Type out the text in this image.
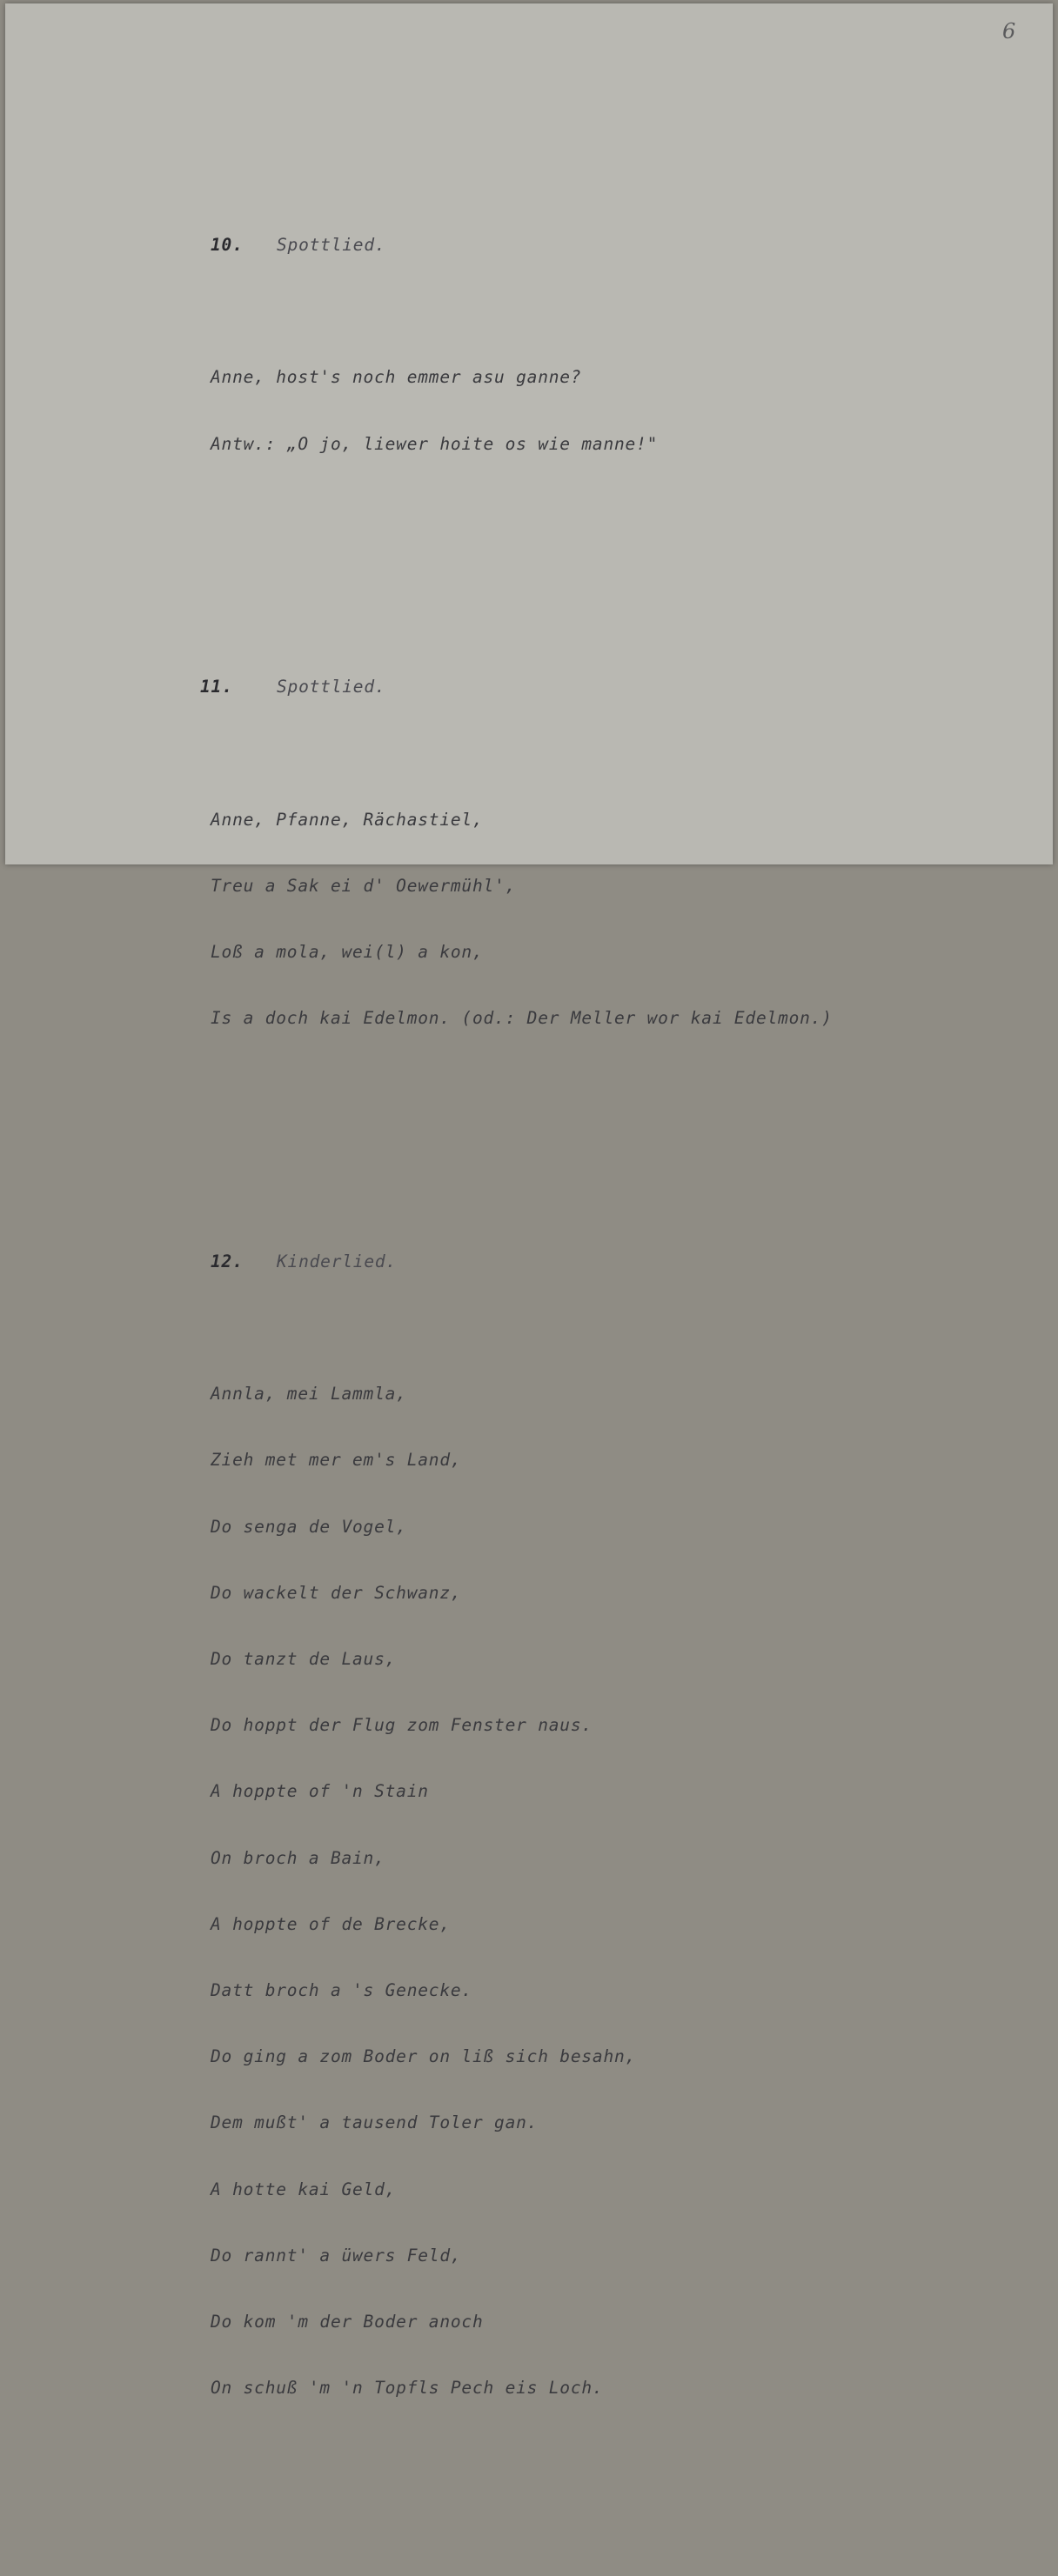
6

10. Spottlied.

Anne, host's noch emmer asu ganne?

Antw.: „O jo, liewer hoite os wie manne!"

11.	Spottlied.

Anne, Pfanne, Rächastiel,

Treu a Sak ei d' Oewermühl',

Loß a mola, wei(l) a kon,

Is a doch kai Edelmon. (od.: Der Meller wor kai Edelmon.)

12. Kinderlied.

Annla, mei Lammla,

Zieh met mer em's Land,

Do senga de Vogel,

Do wackelt der Schwanz,

Do tanzt de Laus,

Do hoppt der Flug zom Fenster naus.

A hoppte of 'n Stain

On broch a Bain,

A hoppte of de Brecke,

Datt broch a 's Genecke.

Do ging a zom Boder on liß sich besahn,

Dem mußt' a tausend Toler gan.

A hotte kai Geld,

Do rannt' a üwers Feld,

Do kom 'm der Boder anoch

On schuß 'm 'n Topfls Pech eis Loch.
